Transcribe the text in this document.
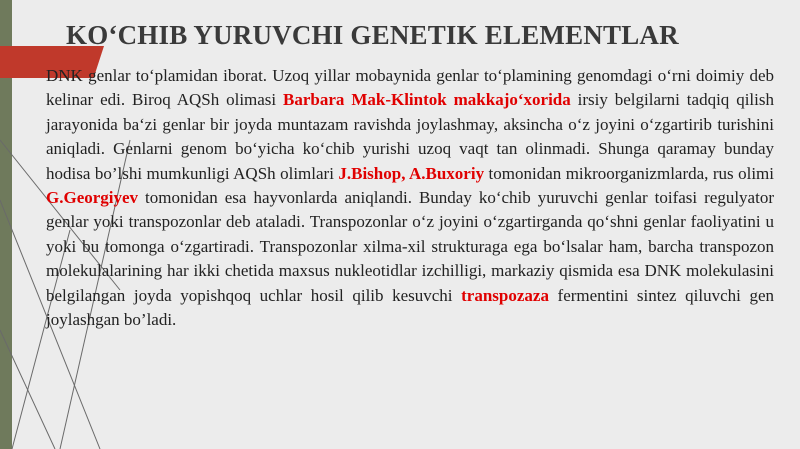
KO‘CHIB YURUVCHI GENETIK ELEMENTLAR
DNK genlar to‘plamidan iborat. Uzoq yillar mobaynida genlar to‘plamining genomdagi o‘rni doimiy deb kelinar edi. Biroq AQSh olimasi Barbara Mak-Klintok makkajo‘xorida irsiy belgilarni tadqiq qilish jarayonida ba‘zi genlar bir joyda muntazam ravishda joylashmay, aksincha o‘z joyini o‘zgartirib turishini aniqladi. Genlarni genom bo‘yicha ko‘chib yurishi uzoq vaqt tan olinmadi. Shunga qaramay bunday hodisa bo’lshi mumkunligi AQSh olimlari J.Bishop, A.Buxoriy tomonidan mikroorganizmlarda, rus olimi G.Georgiyev tomonidan esa hayvonlarda aniqlandi. Bunday ko‘chib yuruvchi genlar toifasi regulyator genlar yoki transpozonlar deb ataladi. Transpozonlar o‘z joyini o‘zgartirganda qo‘shni genlar faoliyatini u yoki bu tomonga o‘zgartiradi. Transpozonlar xilma-xil strukturaga ega bo‘lsalar ham, barcha transpozon molekulalarining har ikki chetida maxsus nukleotidlar izchilligi, markaziy qismida esa DNK molekulasini belgilangan joyda yopishqoq uchlar hosil qilib kesuvchi transpozaza fermentini sintez qiluvchi gen joylashgan bo’ladi.
